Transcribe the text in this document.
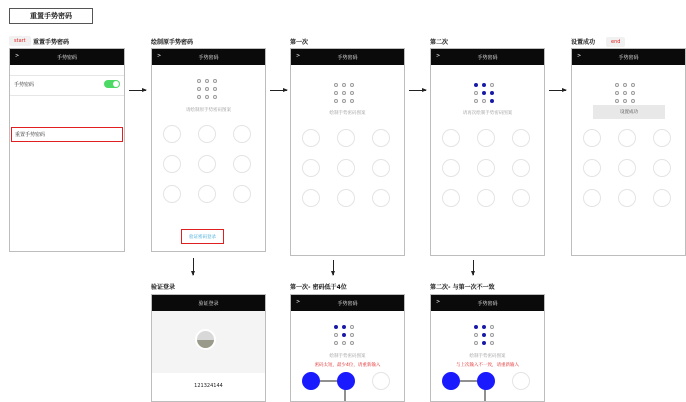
重置手势密码
start	重置手势密码
>	手势密码
手势密码
重置手势密码
绘制原手势密码
>	手势密码
请绘制原手势密码图案
验证密码登录
第一次
>	手势密码
绘制手势密码图案
第二次
>	手势密码
请再次绘制手势密码图案
设置成功	end
>	手势密码
设置成功
验证登录
验证登录
121324144
第一次- 密码低于4位
>	手势密码
绘制手势密码图案
密码太短，最少4位，请重新输入
第二次- 与第一次不一致
>	手势密码
绘制手势密码图案
与上次输入不一致，请重新输入
